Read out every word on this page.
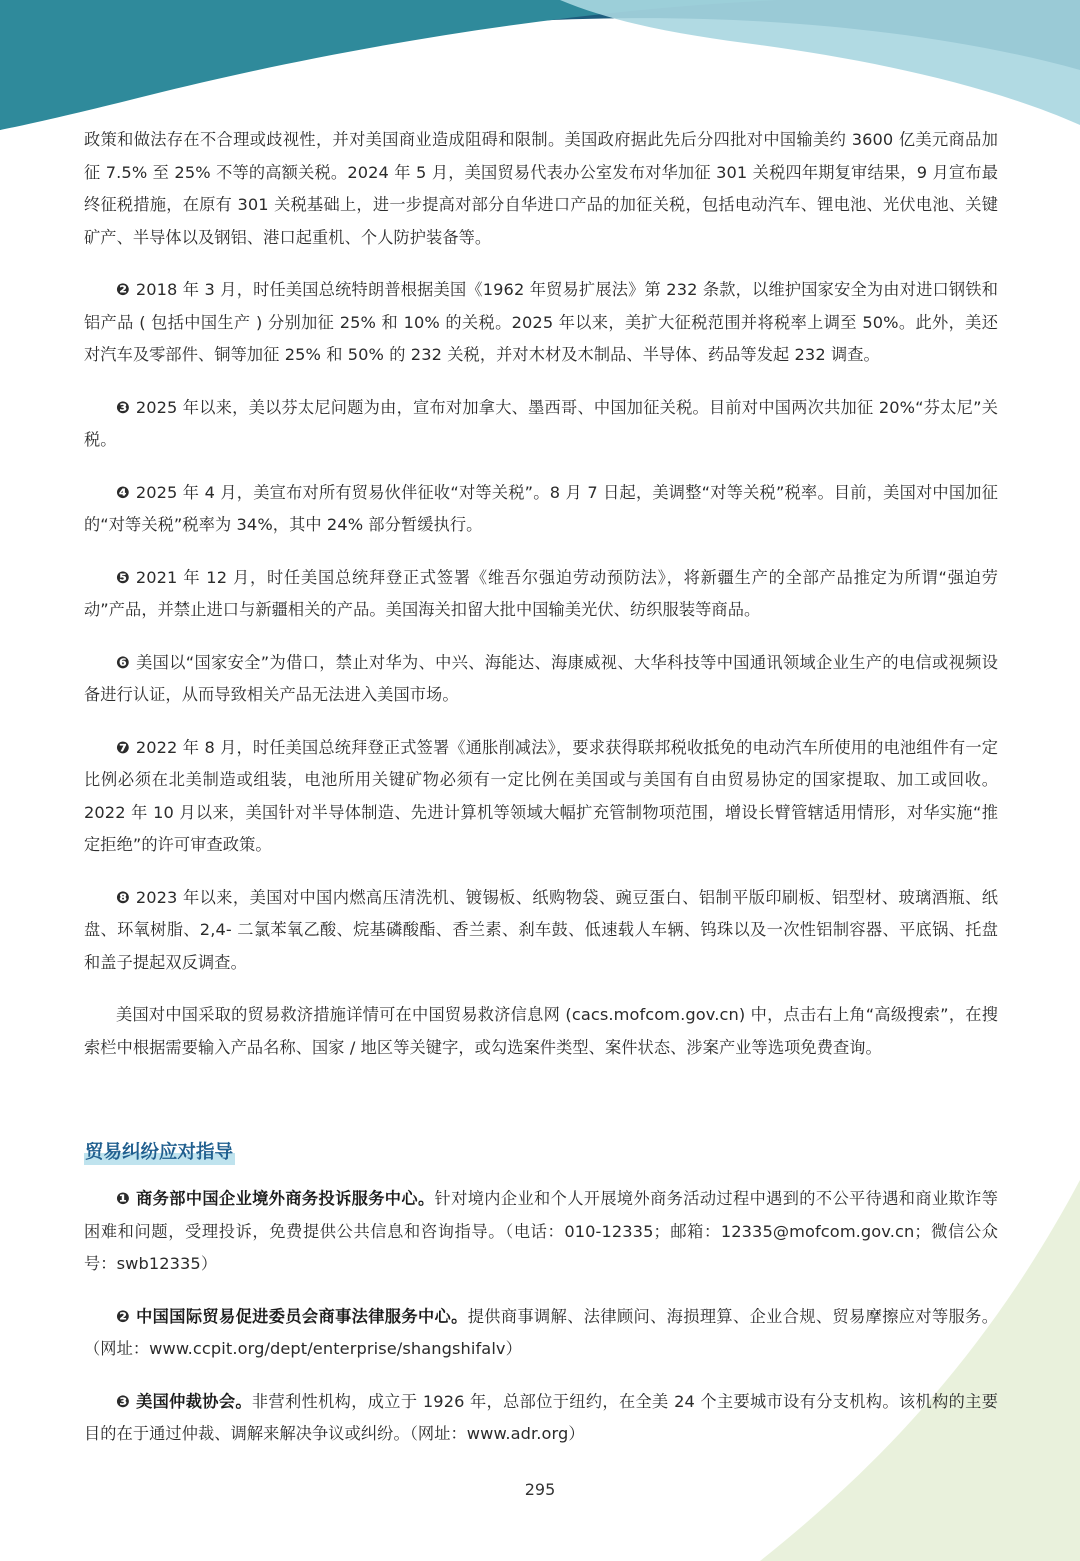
政策和做法存在不合理或歧视性，并对美国商业造成阻碍和限制。美国政府据此先后分四批对中国输美约 3600 亿美元商品加征 7.5% 至 25% 不等的高额关税。2024 年 5 月，美国贸易代表办公室发布对华加征 301 关税四年期复审结果，9 月宣布最终征税措施，在原有 301 关税基础上，进一步提高对部分自华进口产品的加征关税，包括电动汽车、锂电池、光伏电池、关键矿产、半导体以及钢铝、港口起重机、个人防护装备等。

❷ 2018 年 3 月，时任美国总统特朗普根据美国《1962 年贸易扩展法》第 232 条款，以维护国家安全为由对进口钢铁和铝产品 ( 包括中国生产 ) 分别加征 25% 和 10% 的关税。2025 年以来，美扩大征税范围并将税率上调至 50%。此外，美还对汽车及零部件、铜等加征 25% 和 50% 的 232 关税，并对木材及木制品、半导体、药品等发起 232 调查。

❸ 2025 年以来，美以芬太尼问题为由，宣布对加拿大、墨西哥、中国加征关税。目前对中国两次共加征 20%“芬太尼”关税。

❹ 2025 年 4 月，美宣布对所有贸易伙伴征收“对等关税”。8 月 7 日起，美调整“对等关税”税率。目前，美国对中国加征的“对等关税”税率为 34%，其中 24% 部分暂缓执行。

❺ 2021 年 12 月，时任美国总统拜登正式签署《维吾尔强迫劳动预防法》，将新疆生产的全部产品推定为所谓“强迫劳动”产品，并禁止进口与新疆相关的产品。美国海关扣留大批中国输美光伏、纺织服装等商品。

❻ 美国以“国家安全”为借口，禁止对华为、中兴、海能达、海康威视、大华科技等中国通讯领域企业生产的电信或视频设备进行认证，从而导致相关产品无法进入美国市场。

❼ 2022 年 8 月，时任美国总统拜登正式签署《通胀削减法》，要求获得联邦税收抵免的电动汽车所使用的电池组件有一定比例必须在北美制造或组装，电池所用关键矿物必须有一定比例在美国或与美国有自由贸易协定的国家提取、加工或回收。2022 年 10 月以来，美国针对半导体制造、先进计算机等领域大幅扩充管制物项范围，增设长臂管辖适用情形，对华实施“推定拒绝”的许可审查政策。

❽ 2023 年以来，美国对中国内燃高压清洗机、镀锡板、纸购物袋、豌豆蛋白、铝制平版印刷板、铝型材、玻璃酒瓶、纸盘、环氧树脂、2,4- 二氯苯氧乙酸、烷基磷酸酯、香兰素、刹车鼓、低速载人车辆、钨珠以及一次性铝制容器、平底锅、托盘和盖子提起双反调查。

美国对中国采取的贸易救济措施详情可在中国贸易救济信息网 (cacs.mofcom.gov.cn) 中，点击右上角“高级搜索”，在搜索栏中根据需要输入产品名称、国家 / 地区等关键字，或勾选案件类型、案件状态、涉案产业等选项免费查询。

贸易纠纷应对指导

❶ 商务部中国企业境外商务投诉服务中心。针对境内企业和个人开展境外商务活动过程中遇到的不公平待遇和商业欺诈等困难和问题，受理投诉，免费提供公共信息和咨询指导。（电话：010-12335；邮箱：12335@mofcom.gov.cn；微信公众号：swb12335）

❷ 中国国际贸易促进委员会商事法律服务中心。提供商事调解、法律顾问、海损理算、企业合规、贸易摩擦应对等服务。（网址：www.ccpit.org/dept/enterprise/shangshifalv）

❸ 美国仲裁协会。非营利性机构，成立于 1926 年，总部位于纽约，在全美 24 个主要城市设有分支机构。该机构的主要目的在于通过仲裁、调解来解决争议或纠纷。（网址：www.adr.org）

295
